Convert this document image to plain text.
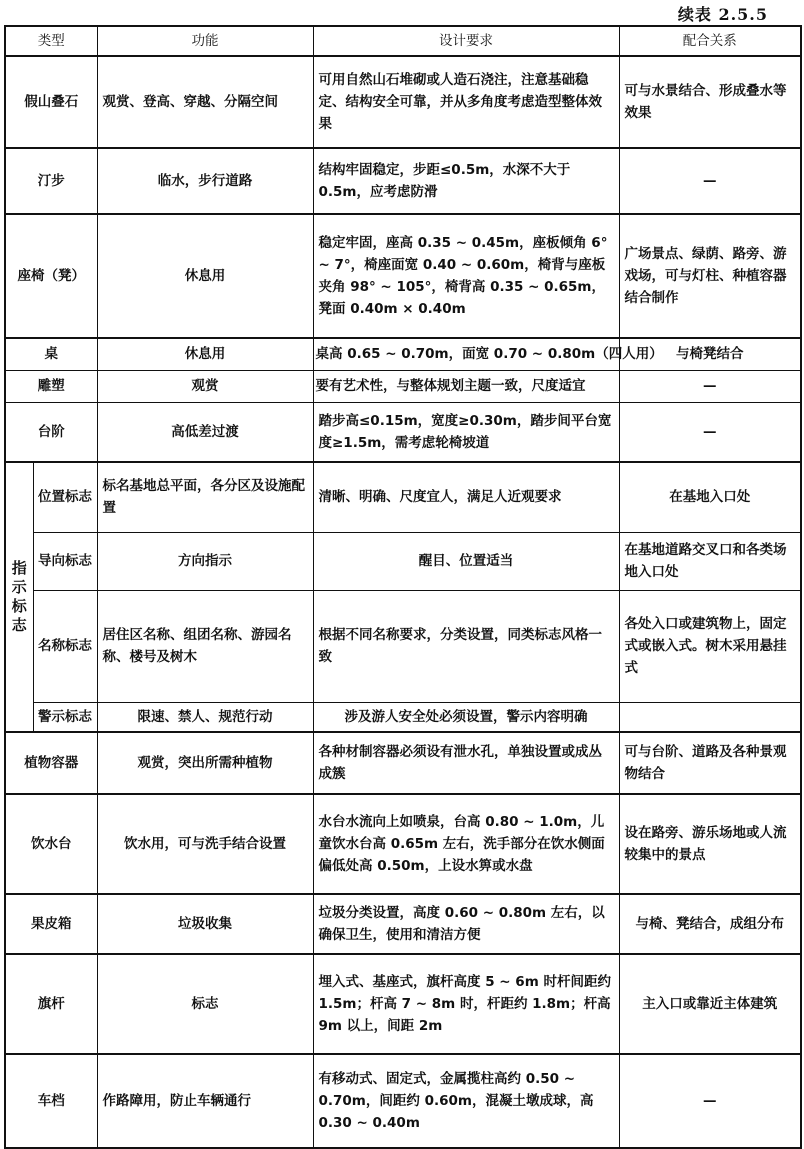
续表 2.5.5
类型		功能	设计要求	配合关系
假山叠石		观赏、登高、穿越、分隔空间	可用自然山石堆砌或人造石浇注，注意基础稳定、结构安全可靠，并从多角度考虑造型整体效果	可与水景结合、形成叠水等效果
汀步		临水，步行道路	结构牢固稳定，步距≤0.5m，水深不大于0.5m，应考虑防滑	—
座椅（凳）		休息用	稳定牢固，座高 0.35 ~ 0.45m，座板倾角 6° ~ 7°，椅座面宽 0.40 ~ 0.60m，椅背与座板夹角 98° ~ 105°，椅背高 0.35 ~ 0.65m，凳面 0.40m × 0.40m	广场景点、绿荫、路旁、游戏场，可与灯柱、种植容器结合制作
桌		休息用	桌高 0.65 ~ 0.70m，面宽 0.70 ~ 0.80m（四人用）	与椅凳结合
雕塑		观赏	要有艺术性，与整体规划主题一致，尺度适宜	—
台阶		高低差过渡	踏步高≤0.15m，宽度≥0.30m，踏步间平台宽度≥1.5m，需考虑轮椅坡道	—
指示标志	位置标志	标名基地总平面，各分区及设施配置	清晰、明确、尺度宜人，满足人近观要求	在基地入口处
	导向标志	方向指示	醒目、位置适当	在基地道路交叉口和各类场地入口处
	名称标志	居住区名称、组团名称、游园名称、楼号及树木	根据不同名称要求，分类设置，同类标志风格一致	各处入口或建筑物上，固定式或嵌入式。树木采用悬挂式
	警示标志	限速、禁人、规范行动	涉及游人安全处必须设置，警示内容明确	
植物容器		观赏，突出所需种植物	各种材制容器必须设有泄水孔，单独设置或成丛成簇	可与台阶、道路及各种景观物结合
饮水台		饮水用，可与洗手结合设置	水台水流向上如喷泉，台高 0.80 ~ 1.0m，儿童饮水台高 0.65m 左右，洗手部分在饮水侧面偏低处高 0.50m，上设水箅或水盘	设在路旁、游乐场地或人流较集中的景点
果皮箱		垃圾收集	垃圾分类设置，高度 0.60 ~ 0.80m 左右，以确保卫生，使用和清洁方便	与椅、凳结合，成组分布
旗杆		标志	埋入式、基座式，旗杆高度 5 ~ 6m 时杆间距约 1.5m；杆高 7 ~ 8m 时，杆距约 1.8m；杆高 9m 以上，间距 2m	主入口或靠近主体建筑
车档		作路障用，防止车辆通行	有移动式、固定式，金属揽柱高约 0.50 ~ 0.70m，间距约 0.60m，混凝土墩成球，高 0.30 ~ 0.40m	—
